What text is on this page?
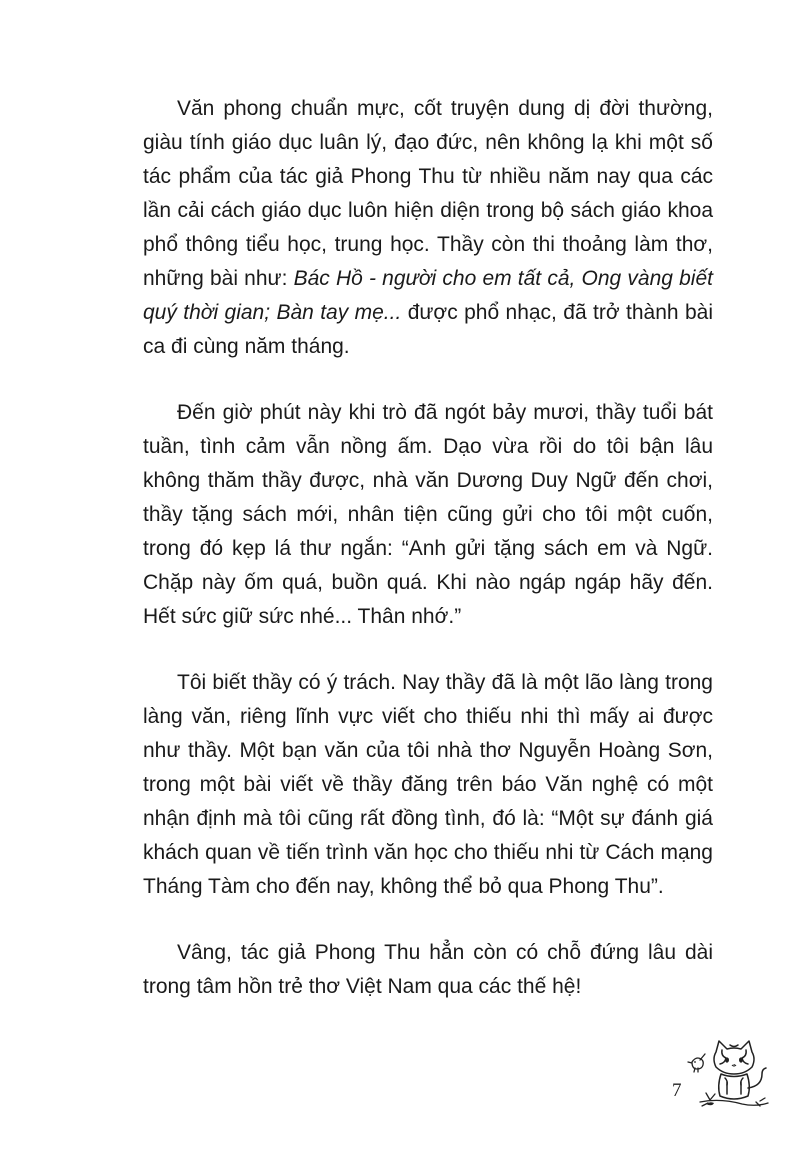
Văn phong chuẩn mực, cốt truyện dung dị đời thường, giàu tính giáo dục luân lý, đạo đức, nên không lạ khi một số tác phẩm của tác giả Phong Thu từ nhiều năm nay qua các lần cải cách giáo dục luôn hiện diện trong bộ sách giáo khoa phổ thông tiểu học, trung học. Thầy còn thi thoảng làm thơ, những bài như: Bác Hồ - người cho em tất cả, Ong vàng biết quý thời gian; Bàn tay mẹ... được phổ nhạc, đã trở thành bài ca đi cùng năm tháng.

Đến giờ phút này khi trò đã ngót bảy mươi, thầy tuổi bát tuần, tình cảm vẫn nồng ấm. Dạo vừa rồi do tôi bận lâu không thăm thầy được, nhà văn Dương Duy Ngữ đến chơi, thầy tặng sách mới, nhân tiện cũng gửi cho tôi một cuốn, trong đó kẹp lá thư ngắn: “Anh gửi tặng sách em và Ngữ. Chặp này ốm quá, buồn quá. Khi nào ngáp ngáp hãy đến. Hết sức giữ sức nhé... Thân nhớ.”

Tôi biết thầy có ý trách. Nay thầy đã là một lão làng trong làng văn, riêng lĩnh vực viết cho thiếu nhi thì mấy ai được như thầy. Một bạn văn của tôi nhà thơ Nguyễn Hoàng Sơn, trong một bài viết về thầy đăng trên báo Văn nghệ có một nhận định mà tôi cũng rất đồng tình, đó là: “Một sự đánh giá khách quan về tiến trình văn học cho thiếu nhi từ Cách mạng Tháng Tàm cho đến nay, không thể bỏ qua Phong Thu”.

Vâng, tác giả Phong Thu hẳn còn có chỗ đứng lâu dài trong tâm hồn trẻ thơ Việt Nam qua các thế hệ!

7
